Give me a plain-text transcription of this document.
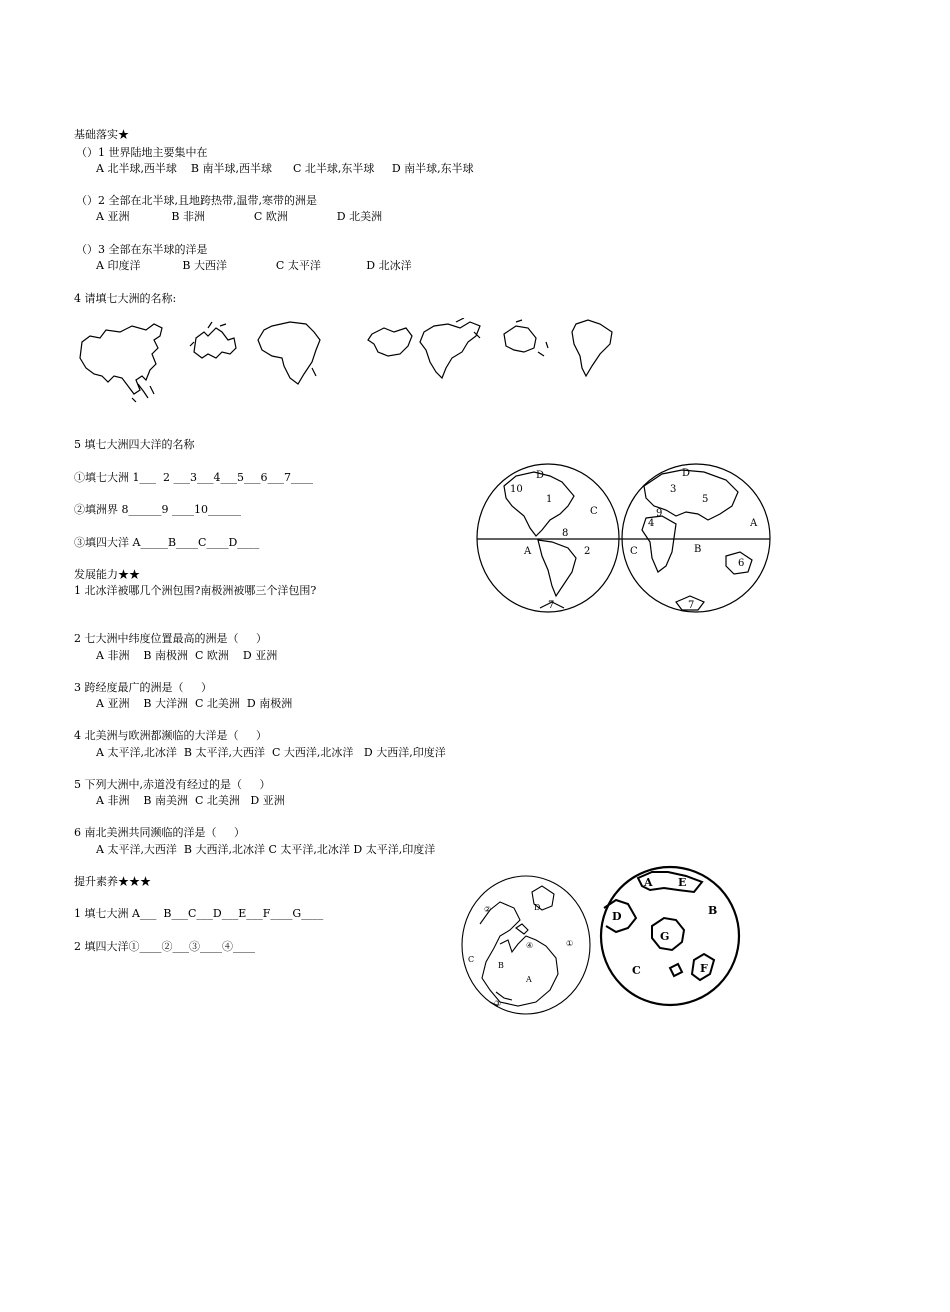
基础落实★
（）1 世界陆地主要集中在
A 北半球,西半球    B 南半球,西半球      C 北半球,东半球     D 南半球,东半球
（）2 全部在北半球,且地跨热带,温带,寒带的洲是
A 亚洲            B 非洲              C 欧洲              D 北美洲
（）3 全部在东半球的洋是
A 印度洋            B 大西洋              C 太平洋             D 北冰洋
4 请填七大洲的名称:
5 填七大洲四大洋的名称
①填七大洲 1___  2 ___3___4___5___6___7____
②填洲界 8______9 ____10______
③填四大洋 A_____B____C____D____
D
10
1
C
8
A	2
7
D
3
5
9
4	A
C	B
6
7
发展能力★★
1 北冰洋被哪几个洲包围?南极洲被哪三个洋包围?
2 七大洲中纬度位置最高的洲是（     ）
A 非洲    B 南极洲  C 欧洲    D 亚洲
3 跨经度最广的洲是（     ）
A 亚洲    B 大洋洲  C 北美洲  D 南极洲
4 北美洲与欧洲都濒临的大洋是（     ）
A 太平洋,北冰洋  B 太平洋,大西洋  C 大西洋,北冰洋   D 大西洋,印度洋
5 下列大洲中,赤道没有经过的是（     ）
A 非洲    B 南美洲  C 北美洲   D 亚洲
6 南北美洲共同濒临的洋是（     ）
A 太平洋,大西洋  B 大西洋,北冰洋 C 太平洋,北冰洋 D 太平洋,印度洋
提升素养★★★
1 填七大洲 A___  B___C___D___E___F____G____
2 填四大洋①____②___③____④____
②	D
C
B
④	①
③
A
A E
B
D
G
C	F
